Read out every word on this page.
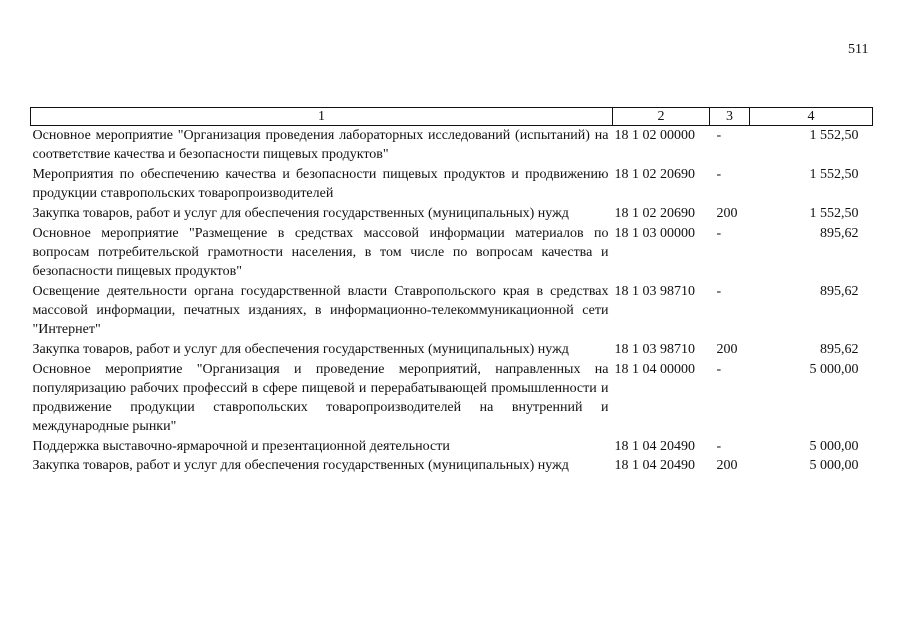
511
1	2	3	4
Основное мероприятие "Организация проведения лабораторных исследований (испытаний) на соответствие качества и безопасности пищевых продуктов"	18 1 02 00000	-	1 552,50
Мероприятия по обеспечению качества и безопасности пищевых продуктов и продвижению продукции ставропольских товаропроизводителей	18 1 02 20690	-	1 552,50
Закупка товаров, работ и услуг для обеспечения государственных (муниципальных) нужд	18 1 02 20690	200	1 552,50
Основное мероприятие "Размещение в средствах массовой информации материалов по вопросам потребительской грамотности населения, в том числе по вопросам качества и безопасности пищевых продуктов"	18 1 03 00000	-	895,62
Освещение деятельности органа государственной власти Ставропольского края в средствах массовой информации, печатных изданиях, в информационно-телекоммуникационной сети "Интернет"	18 1 03 98710	-	895,62
Закупка товаров, работ и услуг для обеспечения государственных (муниципальных) нужд	18 1 03 98710	200	895,62
Основное мероприятие "Организация и проведение мероприятий, направленных на популяризацию рабочих профессий в сфере пищевой и перерабатывающей промышленности и продвижение продукции ставропольских товаропроизводителей на внутренний и международные рынки"	18 1 04 00000	-	5 000,00
Поддержка выставочно-ярмарочной и презентационной деятельности	18 1 04 20490	-	5 000,00
Закупка товаров, работ и услуг для обеспечения государственных (муниципальных) нужд	18 1 04 20490	200	5 000,00
